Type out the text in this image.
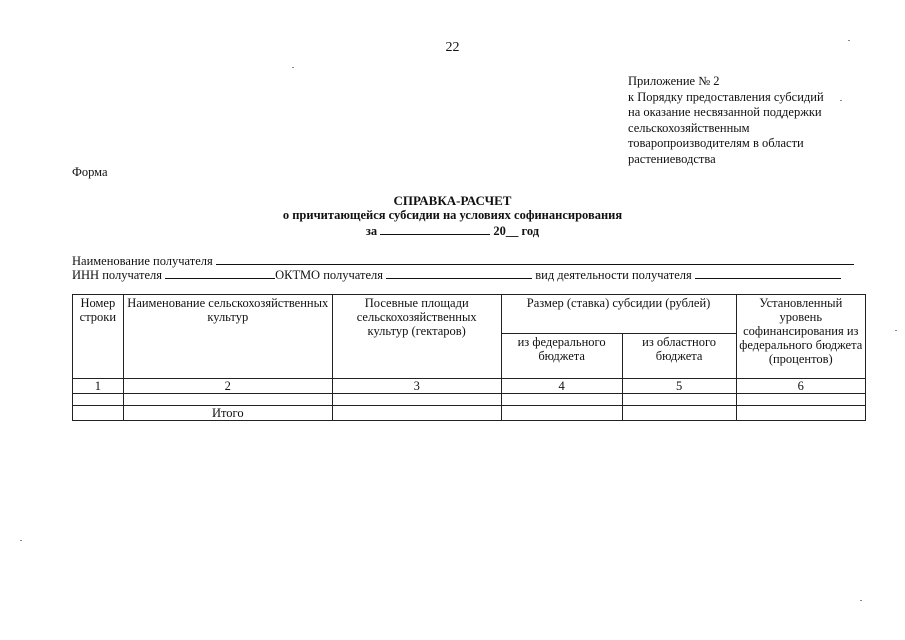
22
Приложение № 2
к Порядку предоставления субсидий
на оказание несвязанной поддержки
сельскохозяйственным
товаропроизводителям в области
растениеводства
Форма
СПРАВКА-РАСЧЕТ
о причитающейся субсидии на условиях софинансирования
за	20__ год
Наименование получателя
ИНН получателя	ОКТМО получателя	вид деятельности получателя
Номер строки	Наименование сельскохозяйственных культур	Посевные площади сельскохозяйственных культур (гектаров)	Размер (ставка) субсидии (рублей)		Установленный уровень софинансирования из федерального бюджета (процентов)
			из федерального бюджета	из областного бюджета	
1	2	3	4	5	6

	Итого				
